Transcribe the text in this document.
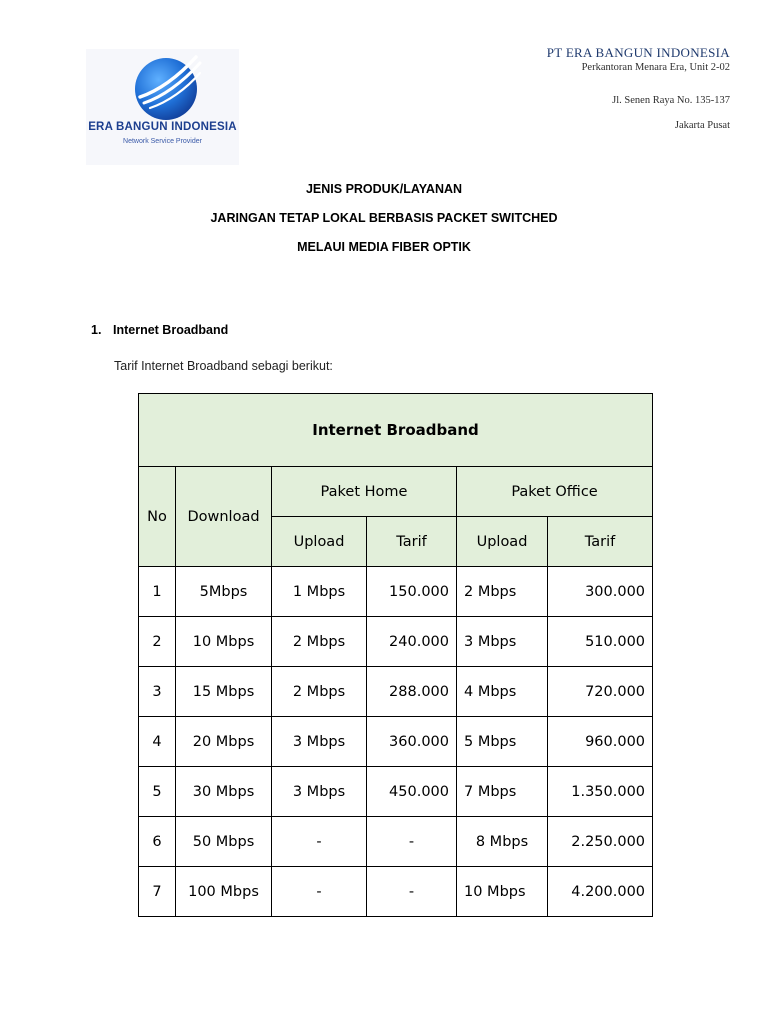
ERA BANGUN INDONESIA
Network Service Provider
PT ERA BANGUN INDONESIA
Perkantoran Menara Era, Unit 2-02
Jl. Senen Raya No. 135-137
Jakarta Pusat
JENIS PRODUK/LAYANAN
JARINGAN TETAP LOKAL BERBASIS PACKET SWITCHED
MELAUI MEDIA FIBER OPTIK
1. Internet Broadband
Tarif Internet Broadband sebagi berikut:
Internet Broadband					
No	Download	Paket Home		Paket Office	
		Upload	Tarif	Upload	Tarif
1	5Mbps	1 Mbps	150.000	2 Mbps	300.000
2	10 Mbps	2 Mbps	240.000	3 Mbps	510.000
3	15 Mbps	2 Mbps	288.000	4 Mbps	720.000
4	20 Mbps	3 Mbps	360.000	5 Mbps	960.000
5	30 Mbps	3 Mbps	450.000	7 Mbps	1.350.000
6	50 Mbps	-	-	8 Mbps	2.250.000
7	100 Mbps	-	-	10 Mbps	4.200.000
